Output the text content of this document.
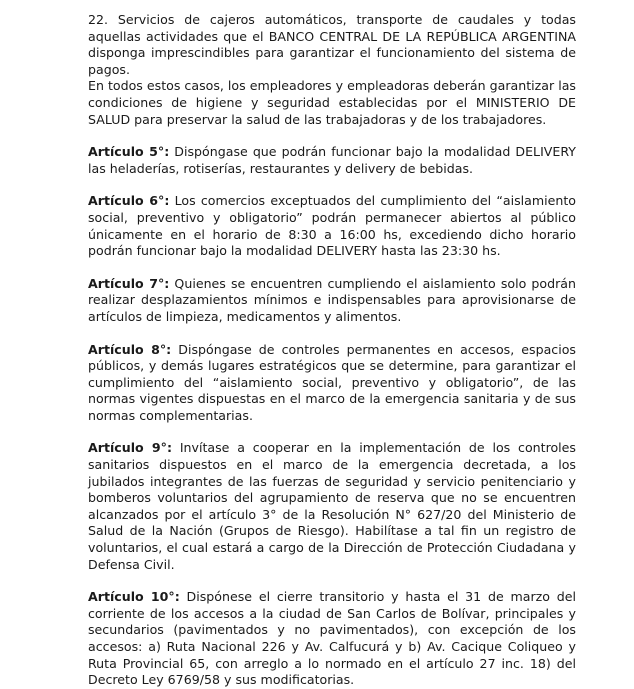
22. Servicios de cajeros automáticos, transporte de caudales y todas aquellas actividades que el BANCO CENTRAL DE LA REPÚBLICA ARGENTINA disponga imprescindibles para garantizar el funcionamiento del sistema de pagos.

En todos estos casos, los empleadores y empleadoras deberán garantizar las condiciones de higiene y seguridad establecidas por el MINISTERIO DE SALUD para preservar la salud de las trabajadoras y de los trabajadores.

Artículo 5°: Dispóngase que podrán funcionar bajo la modalidad DELIVERY las heladerías, rotiserías, restaurantes y delivery de bebidas.

Artículo 6°: Los comercios exceptuados del cumplimiento del “aislamiento social, preventivo y obligatorio” podrán permanecer abiertos al público únicamente en el horario de 8:30 a 16:00 hs, excediendo dicho horario podrán funcionar bajo la modalidad DELIVERY hasta las 23:30 hs.

Artículo 7°: Quienes se encuentren cumpliendo el aislamiento solo podrán realizar desplazamientos mínimos e indispensables para aprovisionarse de artículos de limpieza, medicamentos y alimentos.

Artículo 8°: Dispóngase de controles permanentes en accesos, espacios públicos, y demás lugares estratégicos que se determine, para garantizar el cumplimiento del “aislamiento social, preventivo y obligatorio”, de las normas vigentes dispuestas en el marco de la emergencia sanitaria y de sus normas complementarias.

Artículo 9°: Invítase a cooperar en la implementación de los controles sanitarios dispuestos en el marco de la emergencia decretada, a los jubilados integrantes de las fuerzas de seguridad y servicio penitenciario y bomberos voluntarios del agrupamiento de reserva que no se encuentren alcanzados por el artículo 3° de la Resolución N° 627/20 del Ministerio de Salud de la Nación (Grupos de Riesgo). Habilítase a tal fin un registro de voluntarios, el cual estará a cargo de la Dirección de Protección Ciudadana y Defensa Civil.

Artículo 10°: Dispónese el cierre transitorio y hasta el 31 de marzo del corriente de los accesos a la ciudad de San Carlos de Bolívar, principales y secundarios (pavimentados y no pavimentados), con excepción de los accesos: a) Ruta Nacional 226 y Av. Calfucurá y b) Av. Cacique Coliqueo y Ruta Provincial 65, con arreglo a lo normado en el artículo 27 inc. 18) del Decreto Ley 6769/58 y sus modificatorias.
